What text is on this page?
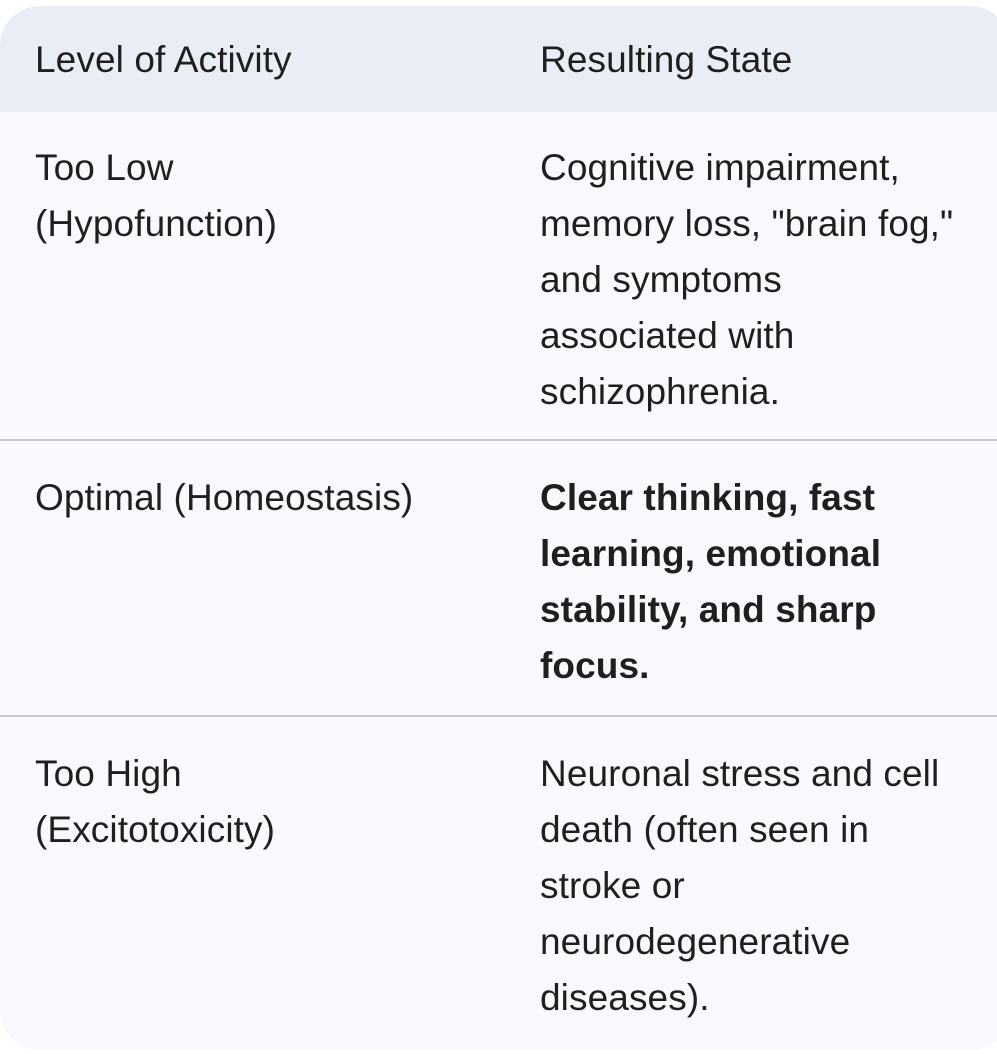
Level of Activity	Resulting State
Too Low (Hypofunction)
Cognitive impairment, memory loss, "brain fog," and symptoms associated with schizophrenia.
Optimal (Homeostasis)	Clear thinking, fast learning, emotional stability, and sharp focus.
Too High (Excitotoxicity)
Neuronal stress and cell death (often seen in stroke or neurodegenerative diseases).
